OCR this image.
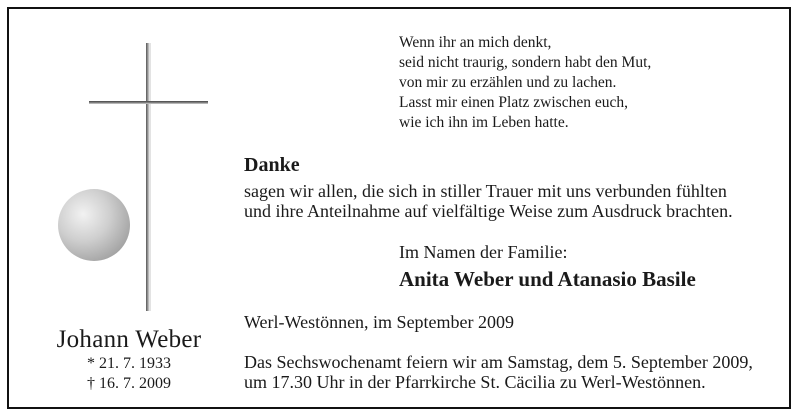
Johann Weber
* 21. 7. 1933
† 16. 7. 2009
Wenn ihr an mich denkt,
seid nicht traurig, sondern habt den Mut,
von mir zu erzählen und zu lachen.
Lasst mir einen Platz zwischen euch,
wie ich ihn im Leben hatte.
Danke
sagen wir allen, die sich in stiller Trauer mit uns verbunden fühlten
und ihre Anteilnahme auf vielfältige Weise zum Ausdruck brachten.
Im Namen der Familie:
Anita Weber und Atanasio Basile
Werl-Westönnen, im September 2009
Das Sechswochenamt feiern wir am Samstag, dem 5. September 2009,
um 17.30 Uhr in der Pfarrkirche St. Cäcilia zu Werl-Westönnen.
